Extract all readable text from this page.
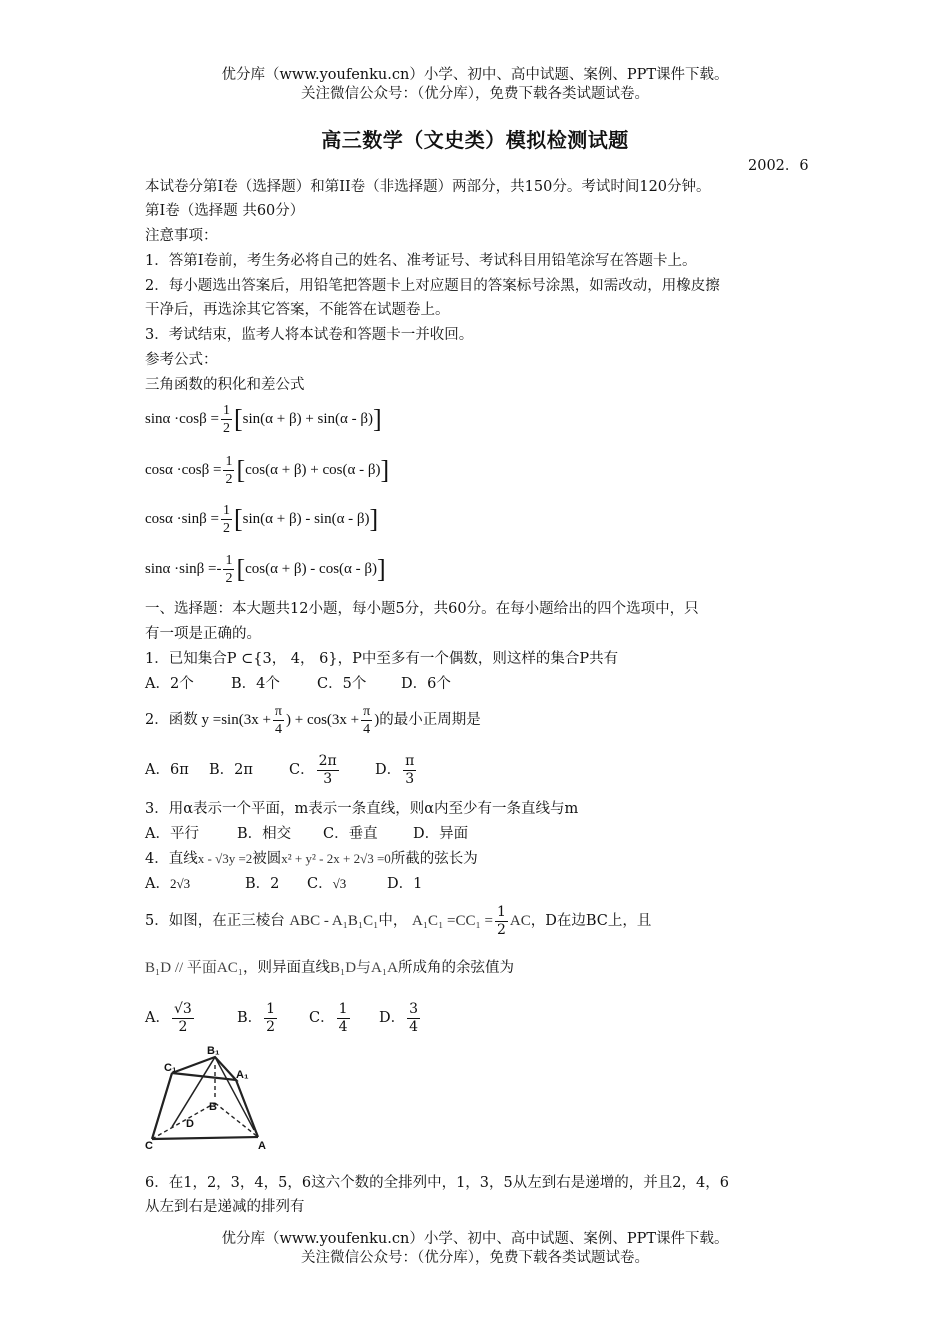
优分库（www.youfenku.cn）小学、初中、高中试题、案例、PPT课件下载。
关注微信公众号：（优分库），免费下载各类试题试卷。
高三数学（文史类）模拟检测试题
2002．6
本试卷分第I卷（选择题）和第II卷（非选择题）两部分，共150分。考试时间120分钟。
第I卷（选择题 共60分）
注意事项：
1．答第I卷前，考生务必将自己的姓名、准考证号、考试科目用铅笔涂写在答题卡上。
2．每小题选出答案后，用铅笔把答题卡上对应题目的答案标号涂黑，如需改动，用橡皮擦
干净后，再选涂其它答案，不能答在试题卷上。
3．考试结束，监考人将本试卷和答题卡一并收回。
参考公式：
三角函数的积化和差公式
$\sin\alpha \cdot\cos\beta = \frac{1}{2} [\sin(\alpha + \beta) + \sin(\alpha - \beta)]$
$\cos\alpha \cdot\cos\beta = \frac{1}{2} [\cos(\alpha + \beta) + \cos(\alpha - \beta)]$
$\cos\alpha \cdot\sin\beta = \frac{1}{2} [\sin(\alpha + \beta) - \sin(\alpha - \beta)]$
$\sin\alpha \cdot\sin\beta =- \frac{1}{2} [\cos(\alpha + \beta) - \cos(\alpha - \beta)]$
一、选择题：本大题共12小题，每小题5分，共60分。在每小题给出的四个选项中，只
有一项是正确的。
1．已知集合P ⊂{3， 4， 6}，P中至多有一个偶数，则这样的集合P共有
A．2个	B．4个	C．5个 D．6个
2．函数 $y =\sin(3x + \frac{\pi}{4}$ ) + $\cos(3x + \frac{\pi}{4}$ )的最小正周期是
A．6π B．2π C． $\frac{2\pi}{3}$	D． $\frac{\pi}{3}$
3．用α表示一个平面，m表示一条直线，则α内至少有一条直线与m
A．平行	B．相交 C．垂直 D．异面
4．直线x - √3y =2被圆x² + y² - 2x + 2√3 =0所截的弦长为
A．2√3	B．2 C．√3	D．1
5．如图，在正三棱台 ABC - A₁B₁C₁中， $A_1C_1 =CC_1 = \frac{1}{2}$ AC，D在边BC上，且
B₁D // 平面AC₁，则异面直线B₁D与A₁A所成角的余弦值为
A． $\frac{√3}{2}$	B． $\frac{1}{2}$ C． $\frac{1}{4}$ D． $\frac{3}{4}$
B₁
C₁
A₁
B
D
C	A
6．在1，2，3，4，5，6这六个数的全排列中，1，3，5从左到右是递增的，并且2，4，6
从左到右是递减的排列有
优分库（www.youfenku.cn）小学、初中、高中试题、案例、PPT课件下载。
关注微信公众号：（优分库），免费下载各类试题试卷。
